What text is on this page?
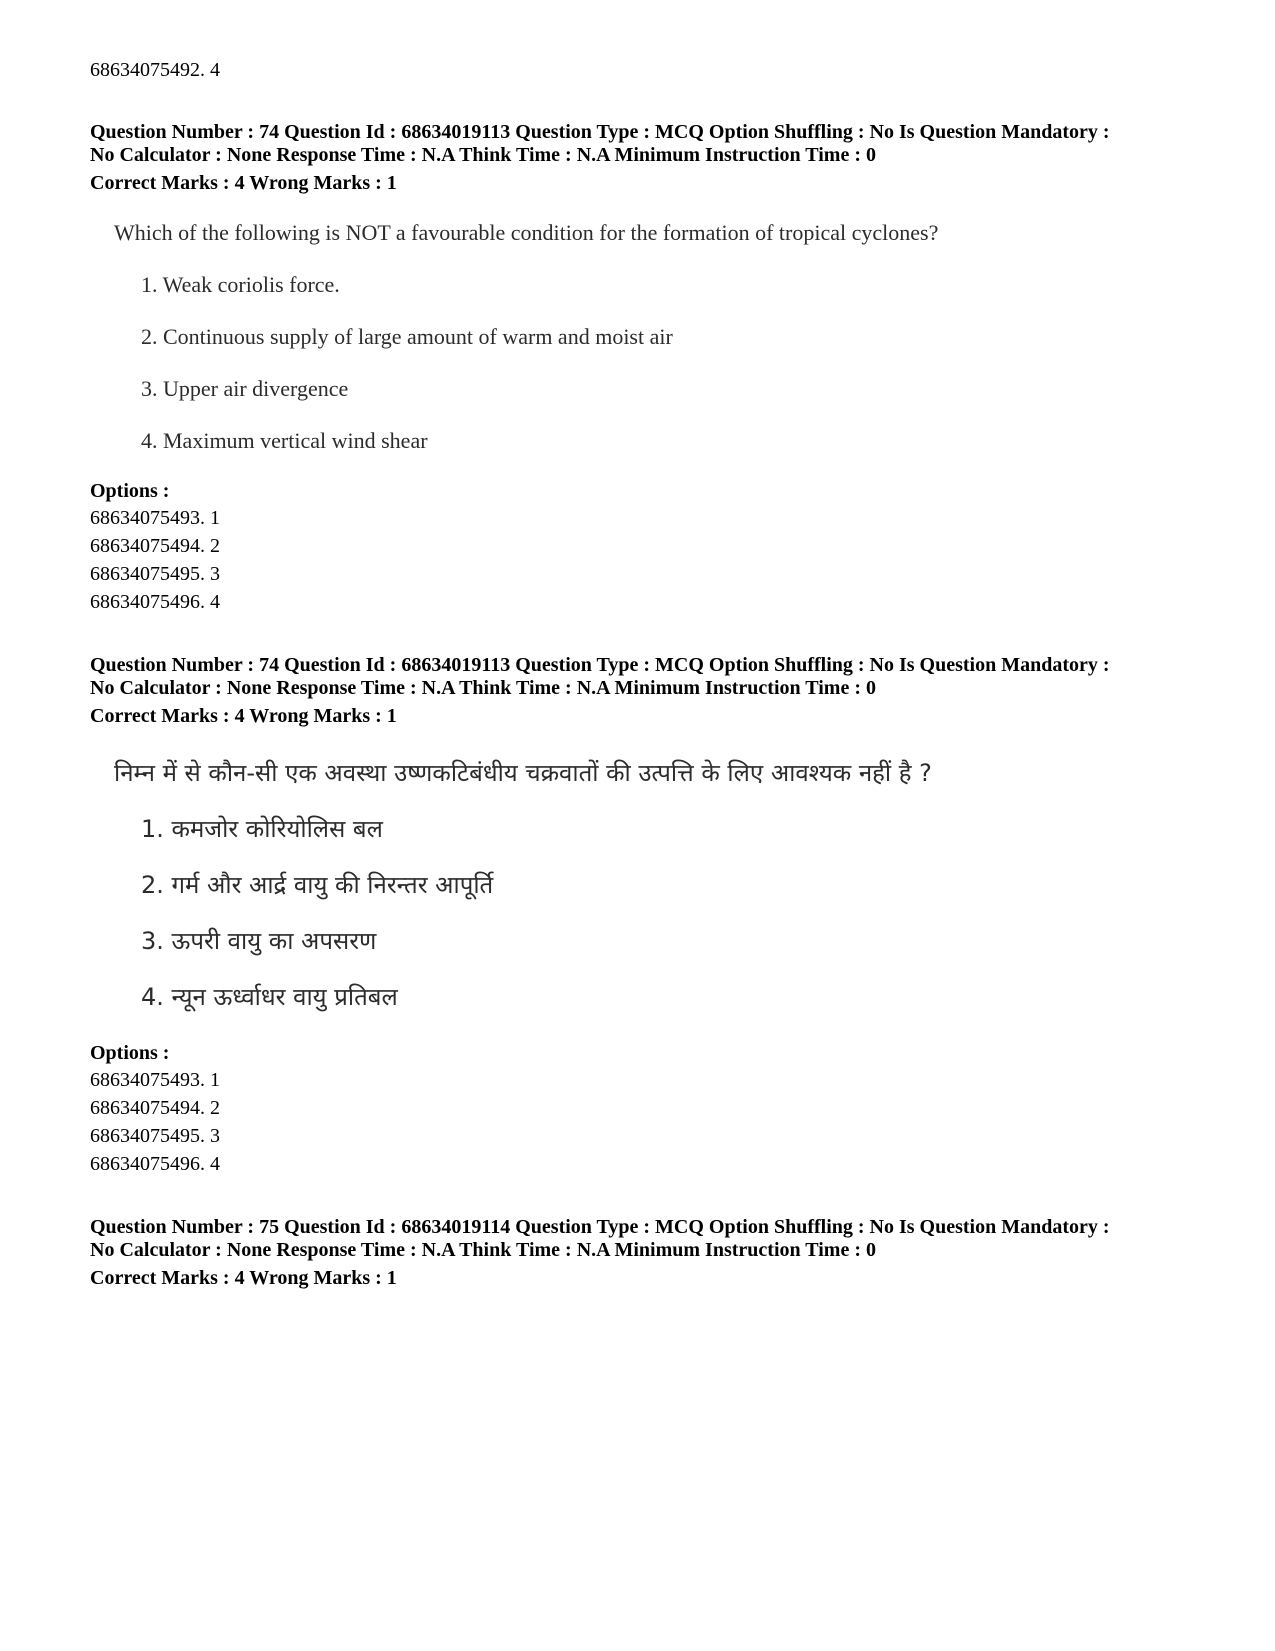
68634075492. 4
Question Number : 74 Question Id : 68634019113 Question Type : MCQ Option Shuffling : No Is Question Mandatory :
No Calculator : None Response Time : N.A Think Time : N.A Minimum Instruction Time : 0
Correct Marks : 4 Wrong Marks : 1
Which of the following is NOT a favourable condition for the formation of tropical cyclones?
1. Weak coriolis force.
2. Continuous supply of large amount of warm and moist air
3. Upper air divergence
4. Maximum vertical wind shear
Options :
68634075493. 1
68634075494. 2
68634075495. 3
68634075496. 4
Question Number : 74 Question Id : 68634019113 Question Type : MCQ Option Shuffling : No Is Question Mandatory :
No Calculator : None Response Time : N.A Think Time : N.A Minimum Instruction Time : 0
Correct Marks : 4 Wrong Marks : 1
निम्न में से कौन-सी एक अवस्था उष्णकटिबंधीय चक्रवातों की उत्पत्ति के लिए आवश्यक नहीं है ?
1. कमजोर कोरियोलिस बल
2. गर्म और आर्द्र वायु की निरन्तर आपूर्ति
3. ऊपरी वायु का अपसरण
4. न्यून ऊर्ध्वाधर वायु प्रतिबल
Options :
68634075493. 1
68634075494. 2
68634075495. 3
68634075496. 4
Question Number : 75 Question Id : 68634019114 Question Type : MCQ Option Shuffling : No Is Question Mandatory :
No Calculator : None Response Time : N.A Think Time : N.A Minimum Instruction Time : 0
Correct Marks : 4 Wrong Marks : 1
